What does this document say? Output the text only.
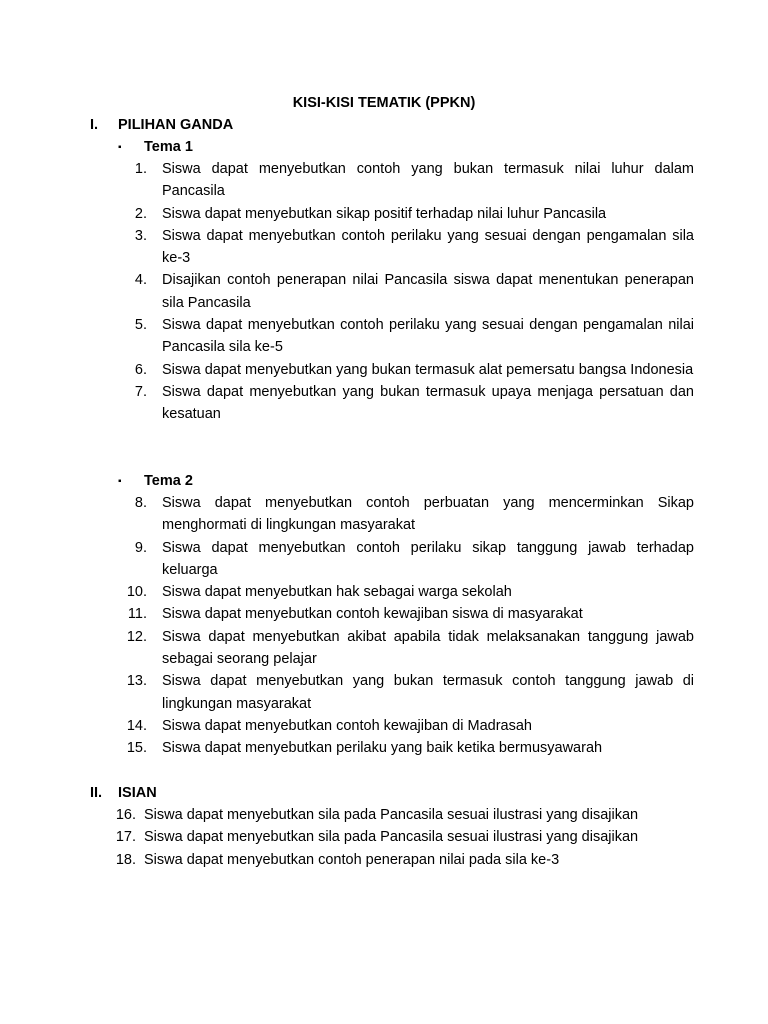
KISI-KISI TEMATIK (PPKN)
I. PILIHAN GANDA
▪ Tema 1
1. Siswa dapat menyebutkan contoh yang bukan termasuk nilai luhur dalam Pancasila
2. Siswa dapat menyebutkan sikap positif terhadap nilai luhur Pancasila
3. Siswa dapat menyebutkan contoh perilaku yang sesuai dengan pengamalan sila ke-3
4. Disajikan contoh penerapan nilai Pancasila siswa dapat menentukan penerapan sila Pancasila
5. Siswa dapat menyebutkan contoh perilaku yang sesuai dengan pengamalan nilai Pancasila sila ke-5
6. Siswa dapat menyebutkan yang bukan termasuk alat pemersatu bangsa Indonesia
7. Siswa dapat menyebutkan yang bukan termasuk upaya menjaga persatuan dan kesatuan
▪ Tema 2
8. Siswa dapat menyebutkan contoh perbuatan yang mencerminkan Sikap menghormati di lingkungan masyarakat
9. Siswa dapat menyebutkan contoh perilaku sikap tanggung jawab terhadap keluarga
10. Siswa dapat menyebutkan hak sebagai warga sekolah
11. Siswa dapat menyebutkan contoh kewajiban siswa di masyarakat
12. Siswa dapat menyebutkan akibat apabila tidak melaksanakan tanggung jawab sebagai seorang pelajar
13. Siswa dapat menyebutkan yang bukan termasuk contoh tanggung jawab di lingkungan masyarakat
14. Siswa dapat menyebutkan contoh kewajiban di Madrasah
15. Siswa dapat menyebutkan perilaku yang baik ketika bermusyawarah
II. ISIAN
16. Siswa dapat menyebutkan sila pada Pancasila sesuai ilustrasi yang disajikan
17. Siswa dapat menyebutkan sila pada Pancasila sesuai ilustrasi yang disajikan
18. Siswa dapat menyebutkan contoh penerapan nilai pada sila ke-3
